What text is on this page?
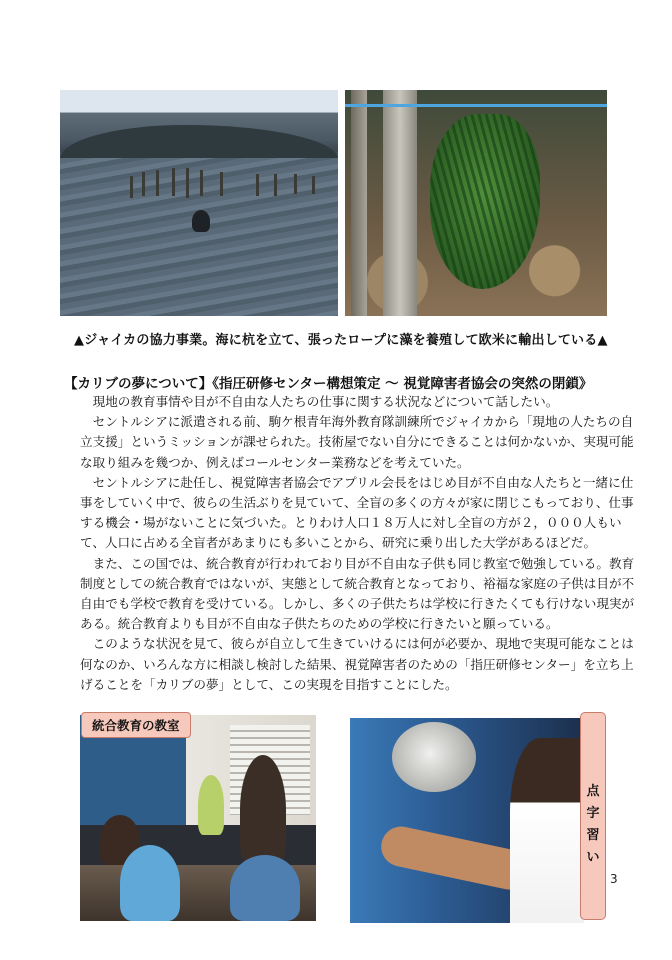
▲ジャイカの協力事業。海に杭を立て、張ったロープに藻を養殖して欧米に輸出している▲
【カリブの夢について】《指圧研修センター構想策定 ～ 視覚障害者協会の突然の閉鎖》

現地の教育事情や目が不自由な人たちの仕事に関する状況などについて話したい。

セントルシアに派遣される前、駒ケ根青年海外教育隊訓練所でジャイカから「現地の人たちの自立支援」というミッションが課せられた。技術屋でない自分にできることは何かないか、実現可能な取り組みを幾つか、例えばコールセンター業務などを考えていた。

セントルシアに赴任し、視覚障害者協会でアプリル会長をはじめ目が不自由な人たちと一緒に仕事をしていく中で、彼らの生活ぶりを見ていて、全盲の多くの方々が家に閉じこもっており、仕事する機会・場がないことに気づいた。とりわけ人口１８万人に対し全盲の方が２，０００人もいて、人口に占める全盲者があまりにも多いことから、研究に乗り出した大学があるほどだ。

また、この国では、統合教育が行われており目が不自由な子供も同じ教室で勉強している。教育制度としての統合教育ではないが、実態として統合教育となっており、裕福な家庭の子供は目が不自由でも学校で教育を受けている。しかし、多くの子供たちは学校に行きたくても行けない現実がある。統合教育よりも目が不自由な子供たちのための学校に行きたいと願っている。

このような状況を見て、彼らが自立して生きていけるには何が必要か、現地で実現可能なことは何なのか、いろんな方に相談し検討した結果、視覚障害者のための「指圧研修センター」を立ち上げることを「カリブの夢」として、この実現を目指すことにした。

統合教育の教室
点
字
習
い
3
